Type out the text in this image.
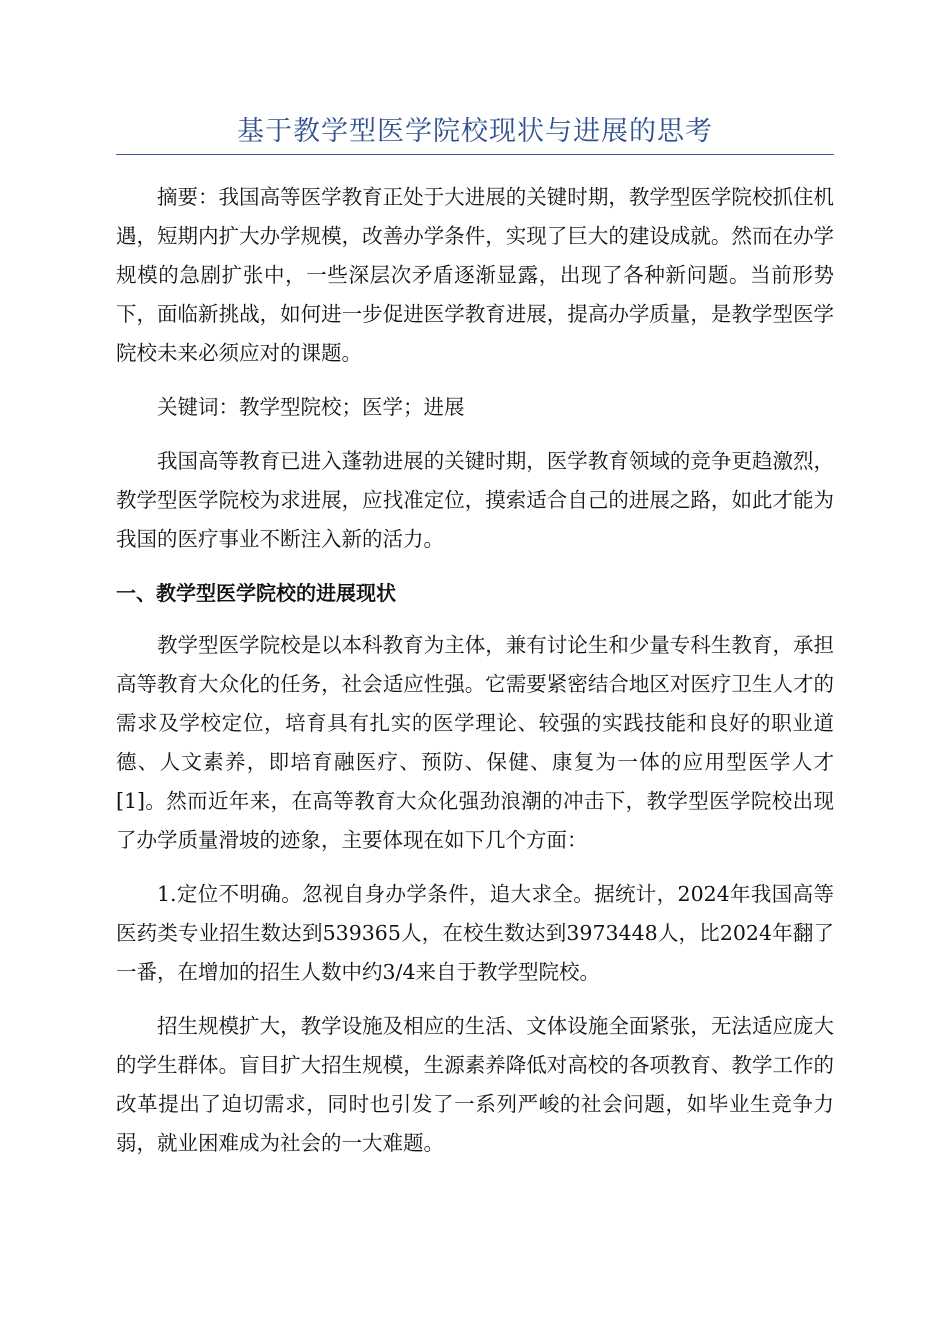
基于教学型医学院校现状与进展的思考

摘要：我国高等医学教育正处于大进展的关键时期，教学型医学院校抓住机遇，短期内扩大办学规模，改善办学条件，实现了巨大的建设成就。然而在办学规模的急剧扩张中，一些深层次矛盾逐渐显露，出现了各种新问题。当前形势下，面临新挑战，如何进一步促进医学教育进展，提高办学质量，是教学型医学院校未来必须应对的课题。

关键词：教学型院校；医学；进展

我国高等教育已进入蓬勃进展的关键时期，医学教育领域的竞争更趋激烈，教学型医学院校为求进展，应找准定位，摸索适合自己的进展之路，如此才能为我国的医疗事业不断注入新的活力。

一、教学型医学院校的进展现状

教学型医学院校是以本科教育为主体，兼有讨论生和少量专科生教育，承担高等教育大众化的任务，社会适应性强。它需要紧密结合地区对医疗卫生人才的需求及学校定位，培育具有扎实的医学理论、较强的实践技能和良好的职业道德、人文素养，即培育融医疗、预防、保健、康复为一体的应用型医学人才[1]。然而近年来，在高等教育大众化强劲浪潮的冲击下，教学型医学院校出现了办学质量滑坡的迹象，主要体现在如下几个方面：

1.定位不明确。忽视自身办学条件，追大求全。据统计，2024年我国高等医药类专业招生数达到539365人，在校生数达到3973448人，比2024年翻了一番，在增加的招生人数中约3/4来自于教学型院校。

招生规模扩大，教学设施及相应的生活、文体设施全面紧张，无法适应庞大的学生群体。盲目扩大招生规模，生源素养降低对高校的各项教育、教学工作的改革提出了迫切需求，同时也引发了一系列严峻的社会问题，如毕业生竞争力弱，就业困难成为社会的一大难题。
